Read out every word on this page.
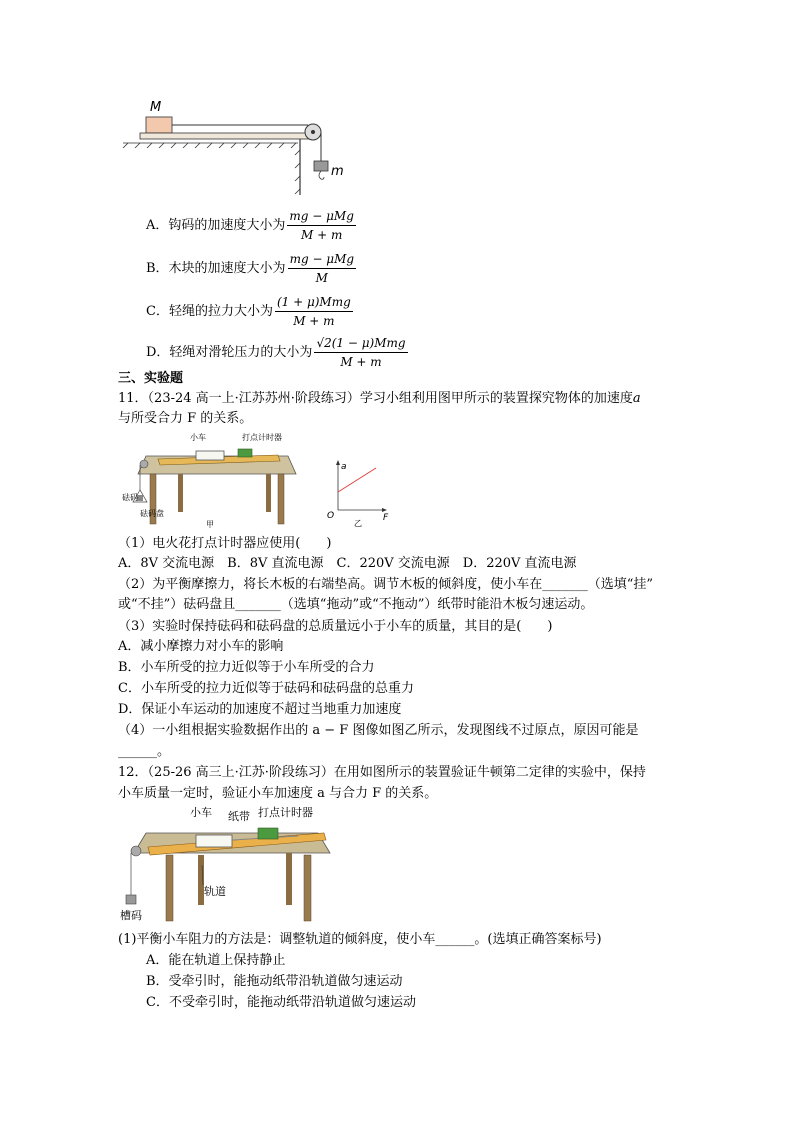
M
m
A．钩码的加速度大小为 $\frac{\text{mg − μMg}}{M + m}$
B．木块的加速度大小为 $\frac{\text{mg − μMg}}{M}$
C．轻绳的拉力大小为 $\frac{\text{(1 + μ)Mmg}}{M + m}$
D．轻绳对滑轮压力的大小为 $\frac{\text{√2(1 − μ)Mmg}}{M + m}$
三、实验题
11．（23-24 高一上·江苏苏州·阶段练习）学习小组利用图甲所示的装置探究物体的加速度a
与所受合力 F 的关系。
小车	打点计时器
砝码
砝码盘
甲
a
F
O
乙
（1）电火花打点计时器应使用(　　)
A．8V 交流电源　B．8V 直流电源　C．220V 交流电源　D．220V 直流电源
（2）为平衡摩擦力，将长木板的右端垫高。调节木板的倾斜度，使小车在_______（选填“挂”
或“不挂”）砝码盘且_______（选填“拖动”或“不拖动”）纸带时能沿木板匀速运动。
（3）实验时保持砝码和砝码盘的总质量远小于小车的质量，其目的是(　　)
A．减小摩擦力对小车的影响
B．小车所受的拉力近似等于小车所受的合力
C．小车所受的拉力近似等于砝码和砝码盘的总重力
D．保证小车运动的加速度不超过当地重力加速度
（4）一小组根据实验数据作出的 a − F 图像如图乙所示，发现图线不过原点，原因可能是
______。
12．（25-26 高三上·江苏·阶段练习）在用如图所示的装置验证牛顿第二定律的实验中，保持
小车质量一定时，验证小车加速度 a 与合力 F 的关系。
小车 纸带 打点计时器
轨道
槽码
(1)平衡小车阻力的方法是：调整轨道的倾斜度，使小车______。(选填正确答案标号)
A．能在轨道上保持静止
B．受牵引时，能拖动纸带沿轨道做匀速运动
C．不受牵引时，能拖动纸带沿轨道做匀速运动
